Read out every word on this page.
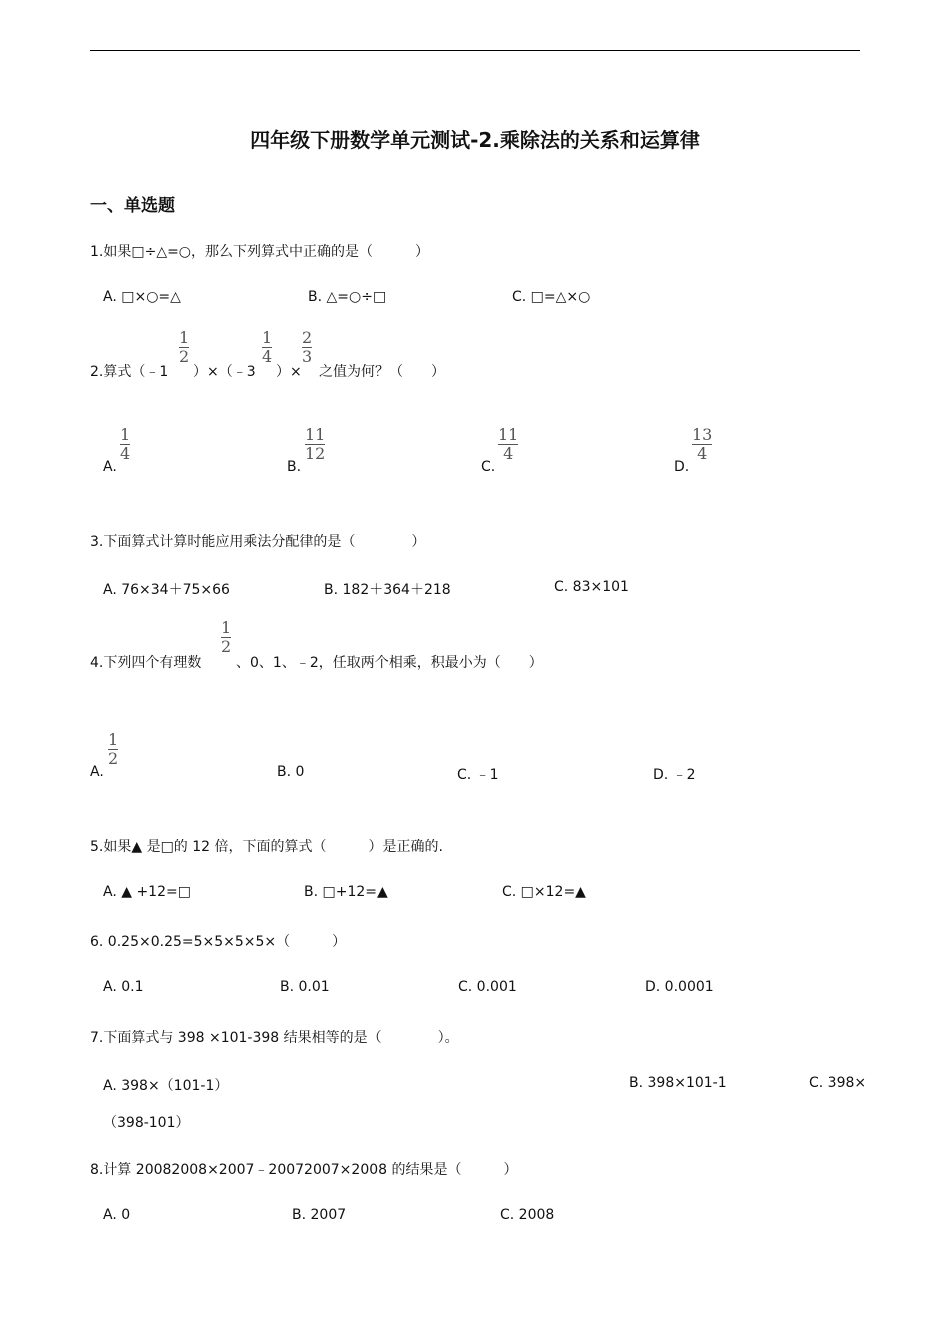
四年级下册数学单元测试-2.乘除法的关系和运算律
一、单选题
1.如果□÷△=○，那么下列算式中正确的是（　　　）
A. □×○=△	B. △=○÷□	C. □=△×○
2.算式（﹣1
1
2
）×（﹣3
1
4
）×
2
3
之值为何？（　　）
A.
1
4
B.
11
12
C.
11
4
D.
13
4
3.下面算式计算时能应用乘法分配律的是（　　　　）
A. 76×34＋75×66	B. 182＋364＋218	C. 83×101
4.下列四个有理数
1
2
、0、1、﹣2，任取两个相乘，积最小为（　　）
A.
1
2
B. 0	C. ﹣1	D. ﹣2
5.如果▲ 是□的 12 倍，下面的算式（　　　）是正确的.
A. ▲ +12=□	B. □+12=▲	C. □×12=▲
6. 0.25×0.25=5×5×5×5×（　　　）
A. 0.1	B. 0.01	C. 0.001	D. 0.0001
7.下面算式与 398 ×101-398 结果相等的是（　　　　）。
A. 398×（101-1）	B. 398×101-1	C. 398×
（398-101）
8.计算 20082008×2007﹣20072007×2008 的结果是（　　　）
A. 0	B. 2007	C. 2008
